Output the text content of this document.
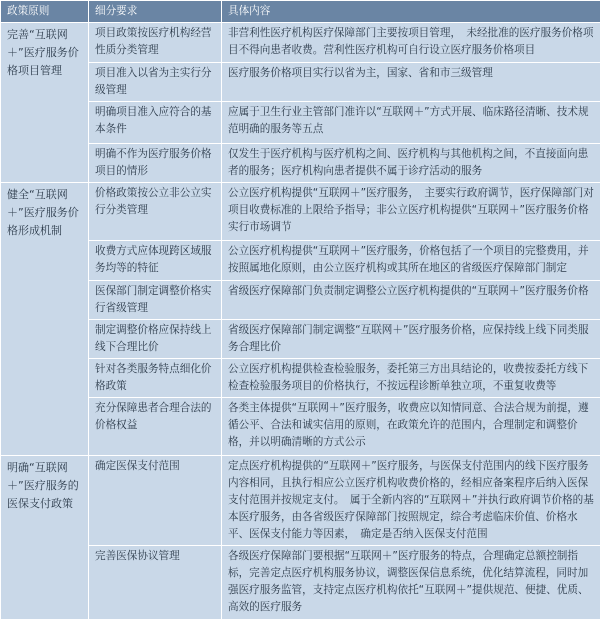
政策原则	细分要求	具体内容
完善“互联网＋”医疗服务价格项目管理	项目政策按医疗机构经营性质分类管理	非营利性医疗机构医疗保障部门主要按项目管理，　未经批准的医疗服务价格项目不得向患者收费。营利性医疗机构可自行设立医疗服务价格项目
	项目准入以省为主实行分级管理	医疗服务价格项目实行以省为主，国家、省和市三级管理
	明确项目准入应符合的基本条件	应属于卫生行业主管部门准许以“互联网＋”方式开展、临床路径清晰、技术规范明确的服务等五点
	明确不作为医疗服务价格项目的情形	仅发生于医疗机构与医疗机构之间、医疗机构与其他机构之间，不直接面向患者的服务；医疗机构向患者提供不属于诊疗活动的服务
健全“互联网＋”医疗服务价格形成机制	价格政策按公立非公立实行分类管理	公立医疗机构提供“互联网＋”医疗服务，　主要实行政府调节，医疗保障部门对项目收费标准的上限给予指导；非公立医疗机构提供“互联网＋”医疗服务价格实行市场调节
	收费方式应体现跨区域服务均等的特征	公立医疗机构提供“互联网＋”医疗服务，价格包括了一个项目的完整费用，并按照属地化原则，由公立医疗机构或其所在地区的省级医疗保障部门制定
	医保部门制定调整价格实行省级管理	省级医疗保障部门负责制定调整公立医疗机构提供的“互联网＋”医疗服务价格
	制定调整价格应保持线上线下合理比价	省级医疗保障部门制定调整“互联网＋”医疗服务价格，应保持线上线下同类服务合理比价
	针对各类服务特点细化价格政策	公立医疗机构提供检查检验服务，委托第三方出具结论的，收费按委托方线下检查检验服务项目的价格执行，不按远程诊断单独立项，不重复收费等
	充分保障患者合理合法的价格权益	各类主体提供“互联网＋”医疗服务，收费应以知情同意、合法合规为前提，遵循公平、合法和诚实信用的原则，在政策允许的范围内，合理制定和调整价格，并以明确清晰的方式公示
明确“互联网＋”医疗服务的医保支付政策	确定医保支付范围	定点医疗机构提供的“互联网＋”医疗服务，与医保支付范围内的线下医疗服务内容相同，且执行相应公立医疗机构收费价格的，经相应备案程序后纳入医保支付范围并按规定支付。　属于全新内容的“互联网＋”并执行政府调节价格的基本医疗服务，由各省级医疗保障部门按照规定，综合考虑临床价值、价格水平、医保支付能力等因素，　确定是否纳入医保支付范围
	完善医保协议管理	各级医疗保障部门要根据“互联网＋”医疗服务的特点，合理确定总额控制指标，完善定点医疗机构服务协议，调整医保信息系统，优化结算流程，同时加强医疗服务监管，支持定点医疗机构依托“互联网＋”提供规范、便捷、优质、高效的医疗服务
